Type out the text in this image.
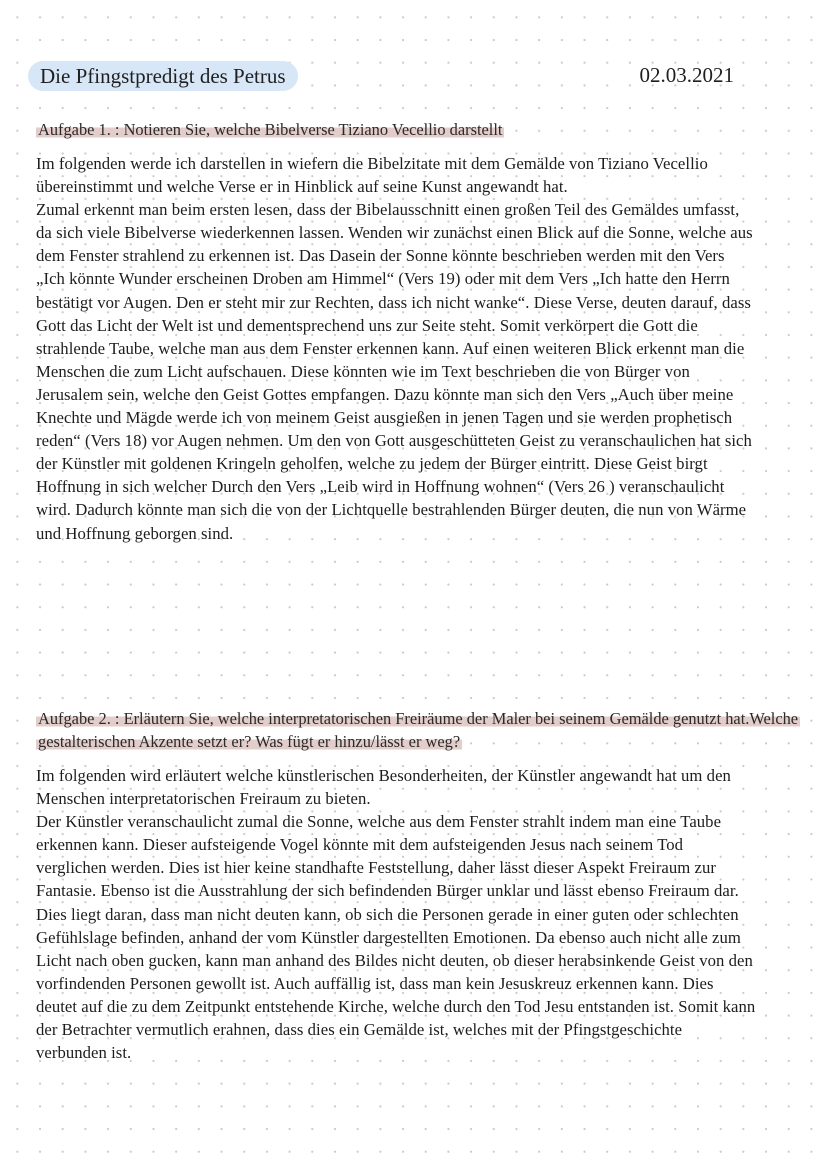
Die Pfingstpredigt des Petrus	02.03.2021
Aufgabe 1. : Notieren Sie, welche Bibelverse Tiziano Vecellio darstellt

Im folgenden werde ich darstellen in wiefern die Bibelzitate mit dem Gemälde von Tiziano Vecellio übereinstimmt und welche Verse er in Hinblick auf seine Kunst angewandt hat.

Zumal erkennt man beim ersten lesen, dass der Bibelausschnitt einen großen Teil des Gemäldes umfasst, da sich viele Bibelverse wiederkennen lassen. Wenden wir zunächst einen Blick auf die Sonne, welche aus dem Fenster strahlend zu erkennen ist. Das Dasein der Sonne könnte beschrieben werden mit den Vers „Ich könnte Wunder erscheinen Droben am Himmel“ (Vers 19) oder mit dem Vers „Ich hatte den Herrn bestätigt vor Augen. Den er steht mir zur Rechten, dass ich nicht wanke“. Diese Verse, deuten darauf, dass Gott das Licht der Welt ist und dementsprechend uns zur Seite steht. Somit verkörpert die Gott die strahlende Taube, welche man aus dem Fenster erkennen kann. Auf einen weiteren Blick erkennt man die Menschen die zum Licht aufschauen. Diese könnten wie im Text beschrieben die von Bürger von Jerusalem sein, welche den Geist Gottes empfangen. Dazu könnte man sich den Vers „Auch über meine Knechte und Mägde werde ich von meinem Geist ausgießen in jenen Tagen und sie werden prophetisch reden“ (Vers 18) vor Augen nehmen. Um den von Gott ausgeschütteten Geist zu veranschaulichen hat sich der Künstler mit goldenen Kringeln geholfen, welche zu jedem der Bürger eintritt. Diese Geist birgt Hoffnung in sich welcher Durch den Vers „Leib wird in Hoffnung wohnen“ (Vers 26 ) veranschaulicht wird. Dadurch könnte man sich die von der Lichtquelle bestrahlenden Bürger deuten, die nun von Wärme und Hoffnung geborgen sind.

Aufgabe 2. : Erläutern Sie, welche interpretatorischen Freiräume der Maler bei seinem Gemälde genutzt hat.Welche gestalterischen Akzente setzt er? Was fügt er hinzu/lässt er weg?

Im folgenden wird erläutert welche künstlerischen Besonderheiten, der Künstler angewandt hat um den Menschen interpretatorischen Freiraum zu bieten.

Der Künstler veranschaulicht zumal die Sonne, welche aus dem Fenster strahlt indem man eine Taube erkennen kann. Dieser aufsteigende Vogel könnte mit dem aufsteigenden Jesus nach seinem Tod verglichen werden. Dies ist hier keine standhafte Feststellung, daher lässt dieser Aspekt Freiraum zur Fantasie. Ebenso ist die Ausstrahlung der sich befindenden Bürger unklar und lässt ebenso Freiraum dar. Dies liegt daran, dass man nicht deuten kann, ob sich die Personen gerade in einer guten oder schlechten Gefühlslage befinden, anhand der vom Künstler dargestellten Emotionen. Da ebenso auch nicht alle zum Licht nach oben gucken, kann man anhand des Bildes nicht deuten, ob dieser herabsinkende Geist von den vorfindenden Personen gewollt ist. Auch auffällig ist, dass man kein Jesuskreuz erkennen kann. Dies deutet auf die zu dem Zeitpunkt entstehende Kirche, welche durch den Tod Jesu entstanden ist. Somit kann der Betrachter vermutlich erahnen, dass dies ein Gemälde ist, welches mit der Pfingstgeschichte verbunden ist.
